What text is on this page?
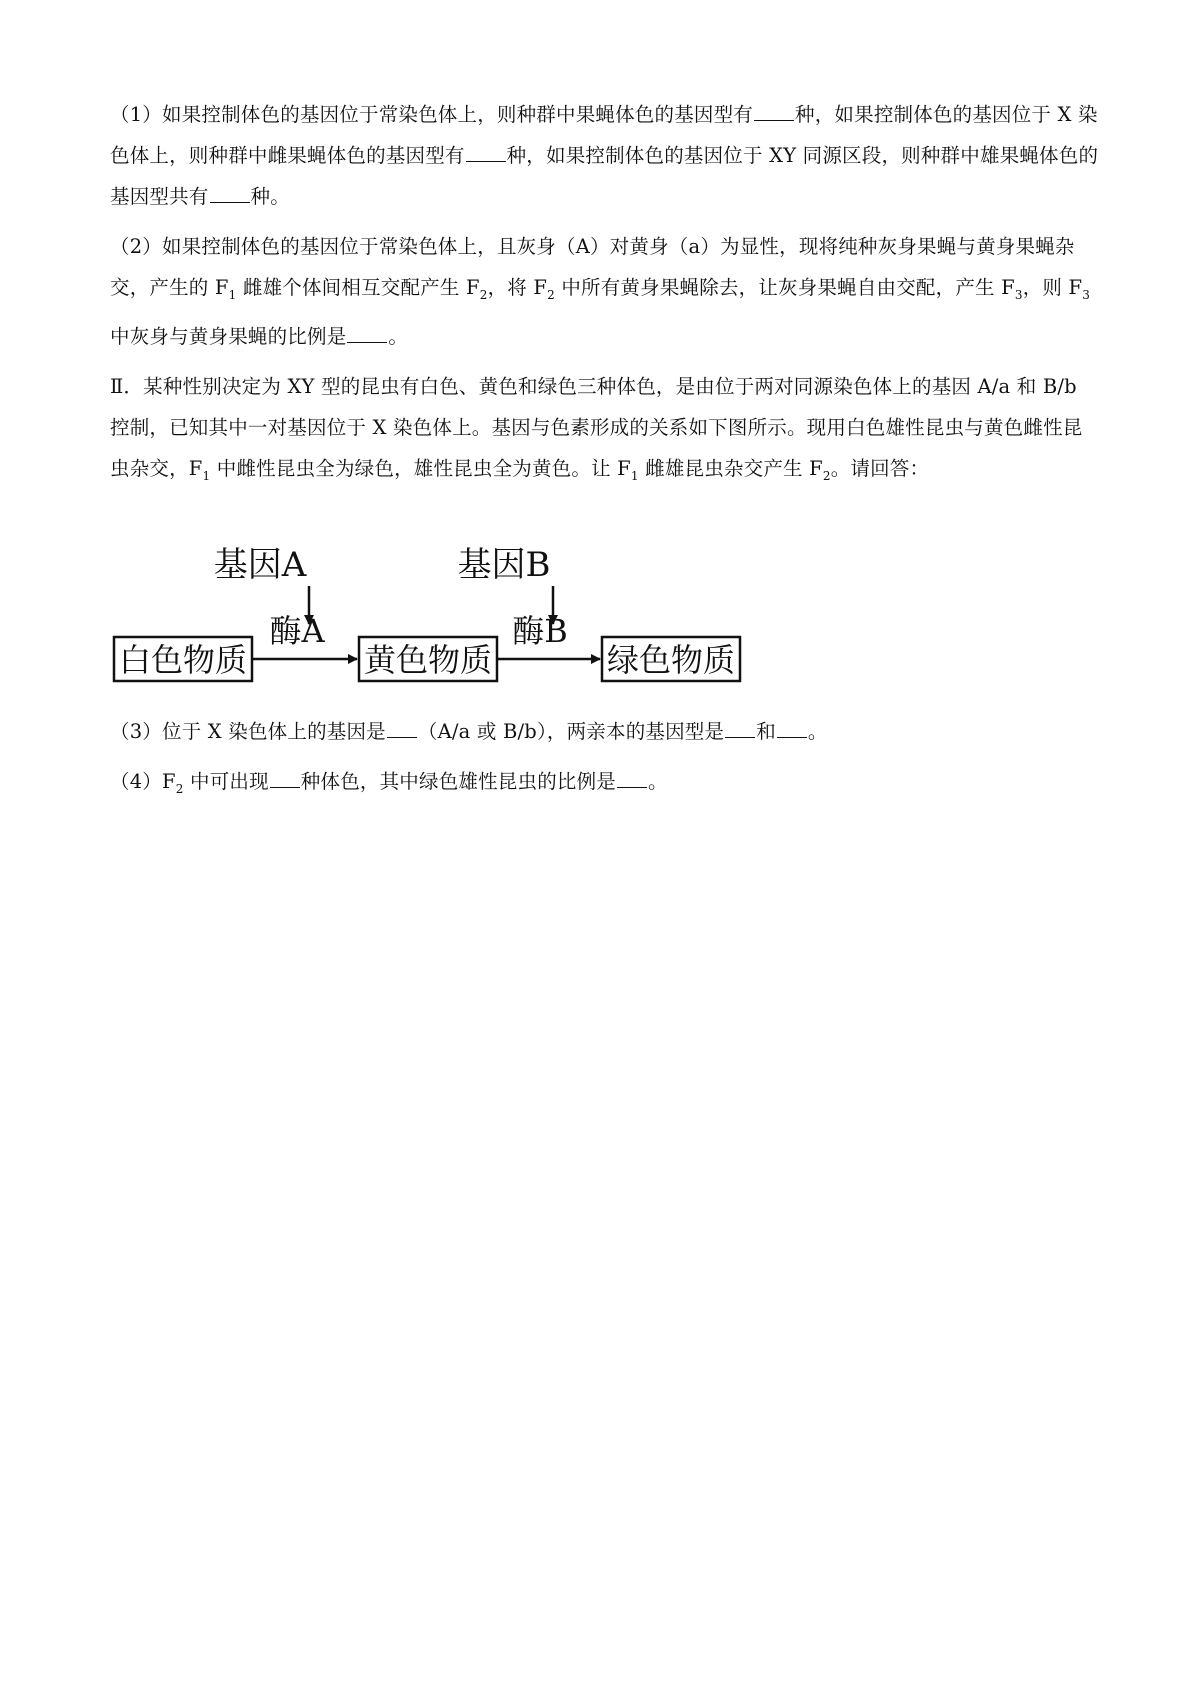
（1）如果控制体色的基因位于常染色体上，则种群中果蝇体色的基因型有 种，如果控制体色的基因位于 X 染色体上，则种群中雌果蝇体色的基因型有 种，如果控制体色的基因位于 XY 同源区段，则种群中雄果蝇体色的基因型共有 种。

（2）如果控制体色的基因位于常染色体上，且灰身（A）对黄身（a）为显性，现将纯种灰身果蝇与黄身果蝇杂交，产生的 $F_1$ 雌雄个体间相互交配产生 $F_2$，将 $F_2$ 中所有黄身果蝇除去，让灰身果蝇自由交配，产生 $F_3$，则 $F_3$ 中灰身与黄身果蝇的比例是 。

Ⅱ．某种性别决定为 XY 型的昆虫有白色、黄色和绿色三种体色，是由位于两对同源染色体上的基因 A/a 和 B/b 控制，已知其中一对基因位于 X 染色体上。基因与色素形成的关系如下图所示。现用白色雄性昆虫与黄色雌性昆虫杂交，$F_1$ 中雌性昆虫全为绿色，雄性昆虫全为黄色。让 $F_1$ 雌雄昆虫杂交产生 $F_2$。请回答：

基因A	基因B
酶A	酶B
白色物质	黄色物质	绿色物质

（3）位于 X 染色体上的基因是 （A/a 或 B/b），两亲本的基因型是 和 。

$(4)F_2$ 中可出现 种体色，其中绿色雄性昆虫的比例是 。
